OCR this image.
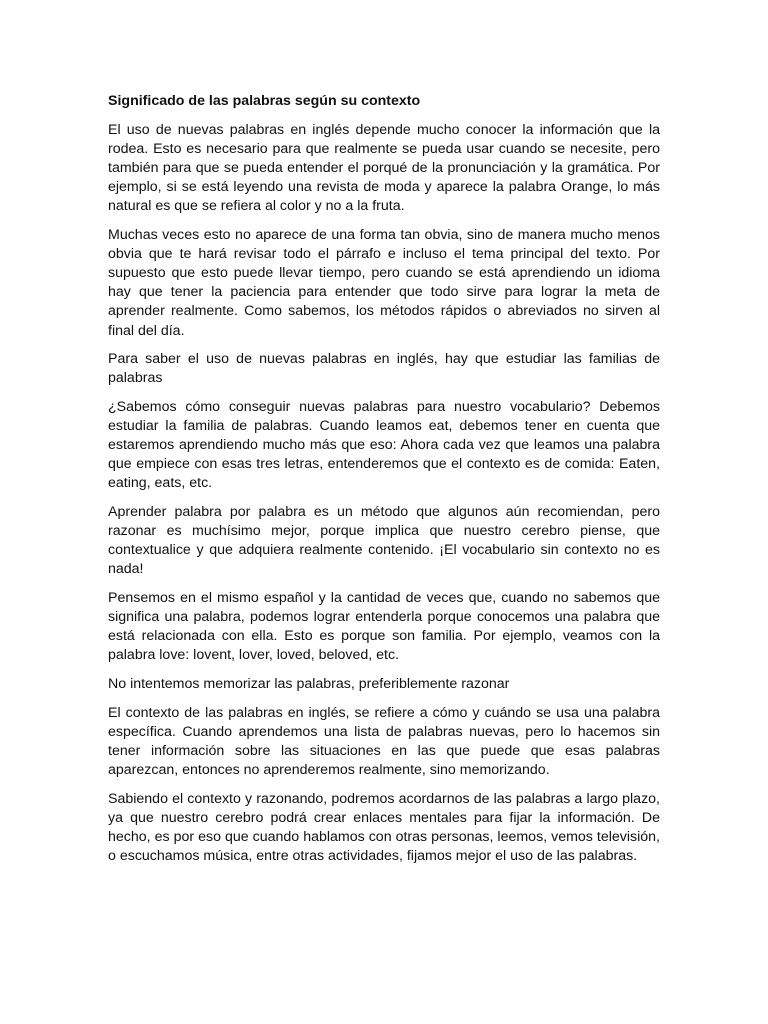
Significado de las palabras según su contexto

El uso de nuevas palabras en inglés depende mucho conocer la información que la rodea. Esto es necesario para que realmente se pueda usar cuando se necesite, pero también para que se pueda entender el porqué de la pronunciación y la gramática. Por ejemplo, si se está leyendo una revista de moda y aparece la palabra Orange, lo más natural es que se refiera al color y no a la fruta.

Muchas veces esto no aparece de una forma tan obvia, sino de manera mucho menos obvia que te hará revisar todo el párrafo e incluso el tema principal del texto. Por supuesto que esto puede llevar tiempo, pero cuando se está aprendiendo un idioma hay que tener la paciencia para entender que todo sirve para lograr la meta de aprender realmente. Como sabemos, los métodos rápidos o abreviados no sirven al final del día.

Para saber el uso de nuevas palabras en inglés, hay que estudiar las familias de palabras

¿Sabemos cómo conseguir nuevas palabras para nuestro vocabulario? Debemos estudiar la familia de palabras. Cuando leamos eat, debemos tener en cuenta que estaremos aprendiendo mucho más que eso: Ahora cada vez que leamos una palabra que empiece con esas tres letras, entenderemos que el contexto es de comida: Eaten, eating, eats, etc.

Aprender palabra por palabra es un método que algunos aún recomiendan, pero razonar es muchísimo mejor, porque implica que nuestro cerebro piense, que contextualice y que adquiera realmente contenido. ¡El vocabulario sin contexto no es nada!

Pensemos en el mismo español y la cantidad de veces que, cuando no sabemos que significa una palabra, podemos lograr entenderla porque conocemos una palabra que está relacionada con ella. Esto es porque son familia. Por ejemplo, veamos con la palabra love: lovent, lover, loved, beloved, etc.

No intentemos memorizar las palabras, preferiblemente razonar

El contexto de las palabras en inglés, se refiere a cómo y cuándo se usa una palabra específica. Cuando aprendemos una lista de palabras nuevas, pero lo hacemos sin tener información sobre las situaciones en las que puede que esas palabras aparezcan, entonces no aprenderemos realmente, sino memorizando.

Sabiendo el contexto y razonando, podremos acordarnos de las palabras a largo plazo, ya que nuestro cerebro podrá crear enlaces mentales para fijar la información. De hecho, es por eso que cuando hablamos con otras personas, leemos, vemos televisión, o escuchamos música, entre otras actividades, fijamos mejor el uso de las palabras.
